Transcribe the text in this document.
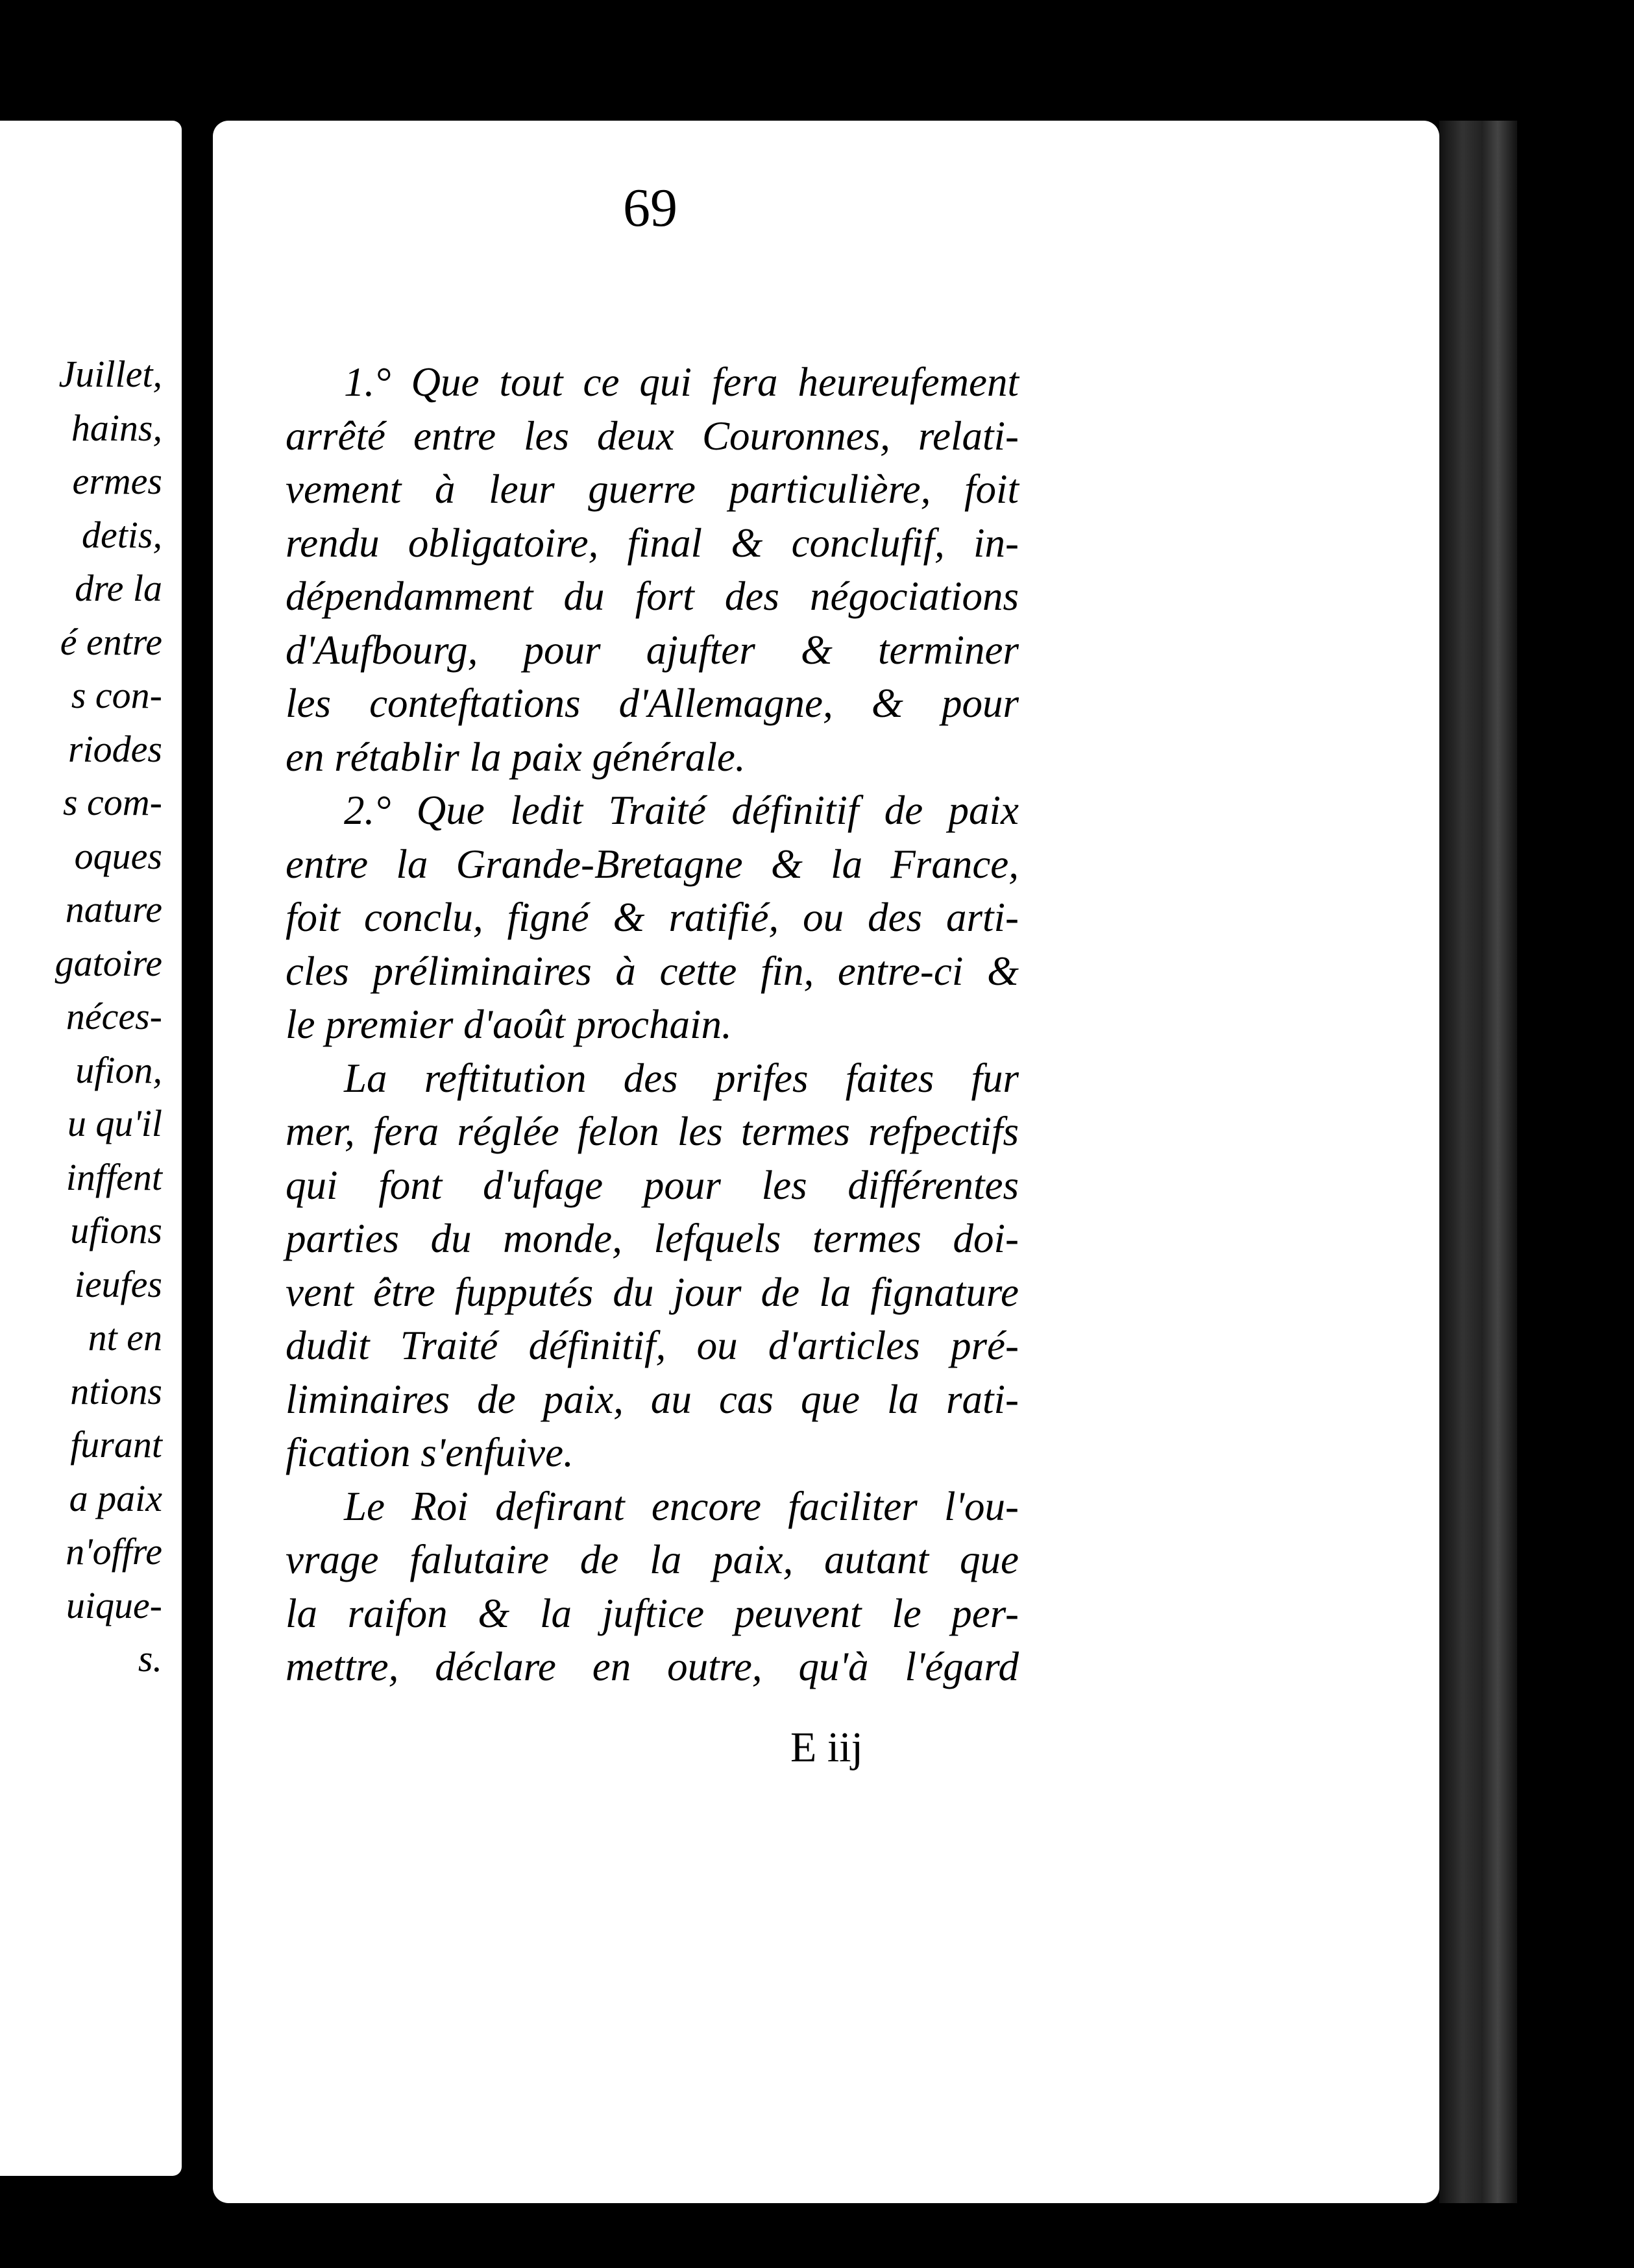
Juillet,
hains,
ermes
detis,
dre la
é entre
s con-
riodes
s com-
oques
nature
gatoire
néces-
ufion,
u qu'il
inffent
ufions
ieufes
nt en
ntions
furant
a paix
n'offre
uique-
s.
69
1.° Que tout ce qui fera heureufement
arrêté entre les deux Couronnes, relati-
vement à leur guerre particulière, foit
rendu obligatoire, final & conclufif, in-
dépendamment du fort des négociations
d'Aufbourg, pour ajufter & terminer
les conteftations d'Allemagne, & pour
en rétablir la paix générale.
2.° Que ledit Traité définitif de paix
entre la Grande-Bretagne & la France,
foit conclu, figné & ratifié, ou des arti-
cles préliminaires à cette fin, entre-ci &
le premier d'août prochain.
La reftitution des prifes faites fur
mer, fera réglée felon les termes refpectifs
qui font d'ufage pour les différentes
parties du monde, lefquels termes doi-
vent être fupputés du jour de la fignature
dudit Traité définitif, ou d'articles pré-
liminaires de paix, au cas que la rati-
fication s'enfuive.
Le Roi defirant encore faciliter l'ou-
vrage falutaire de la paix, autant que
la raifon & la juftice peuvent le per-
mettre, déclare en outre, qu'à l'égard
E iij
